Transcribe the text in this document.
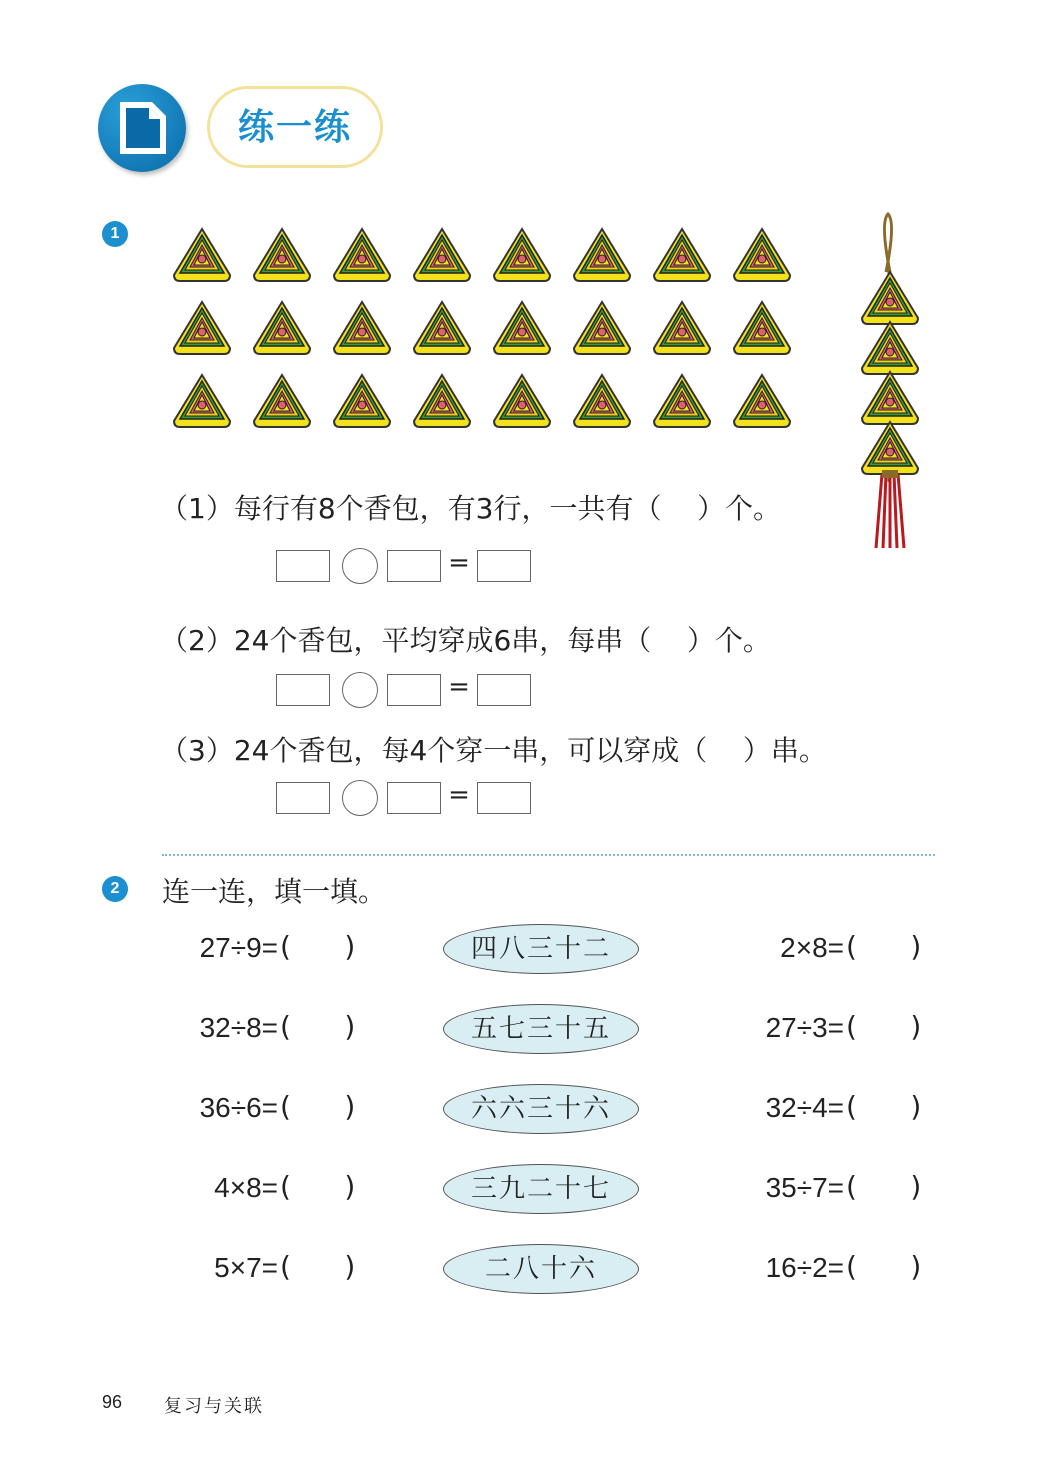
练一练
1
（1）每行有8个香包，有3行，一共有（    ）个。
=
（2）24个香包，平均穿成6串，每串（    ）个。
=
（3）24个香包，每4个穿一串，可以穿成（    ）串。
=
2	连一连，填一填。
27÷9= (      )	四八三十二	2×8= (      )
32÷8= (      )	五七三十五	27÷3= (      )
36÷6= (      )	六六三十六	32÷4= (      )
4×8= (      )	三九二十七	35÷7= (      )
5×7= (      )	二八十六	16÷2= (      )
96 复习与关联
